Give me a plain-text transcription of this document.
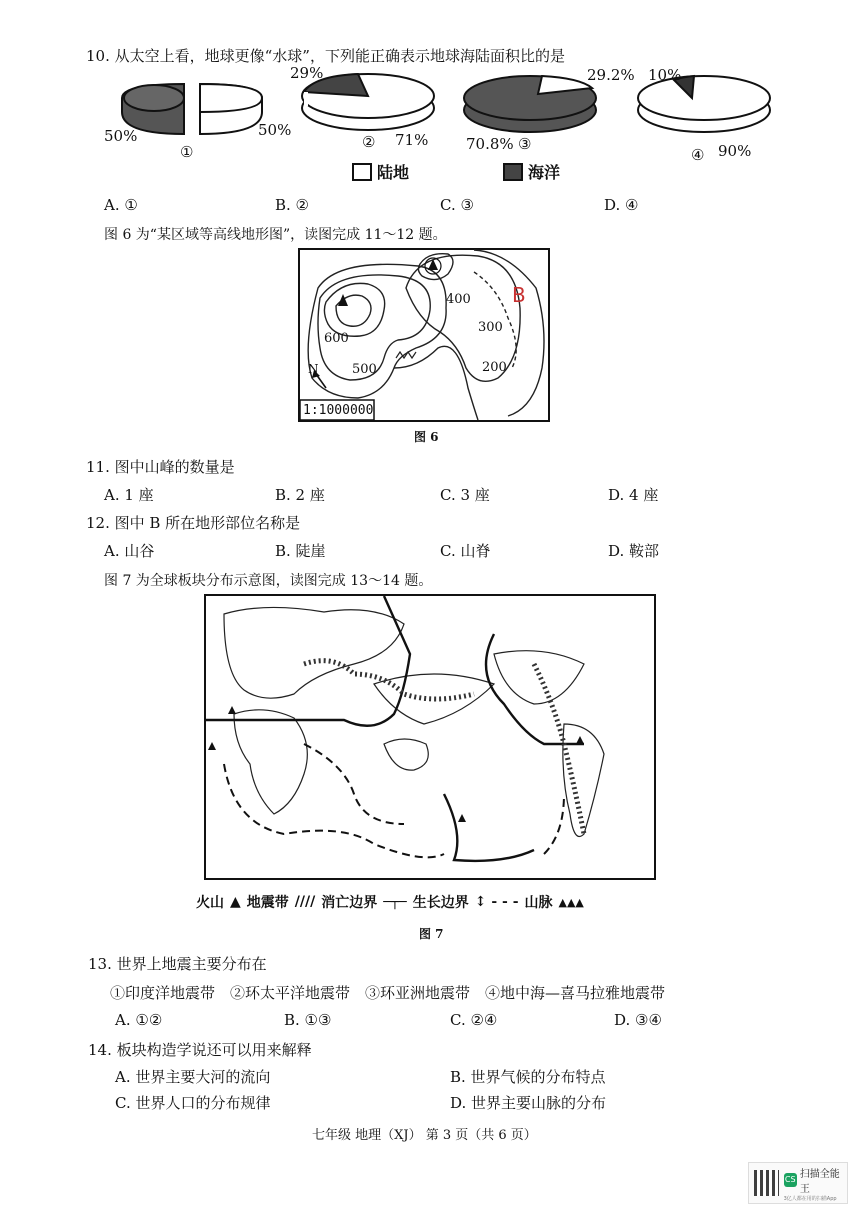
10. 从太空上看，地球更像“水球”，下列能正确表示地球海陆面积比的是
29%	29.2% 10%
50%	50%
①
② 71%	70.8% ③
④ 90%
陆地	海洋
A. ①	B. ②	C. ③	D. ④
图 6 为“某区域等高线地形图”，读图完成 11～12 题。
600
500
400
300
200
N
1:1000000
B
图 6
11. 图中山峰的数量是
A. 1 座	B. 2 座	C. 3 座	D. 4 座
12. 图中 B 所在地形部位名称是
A. 山谷	B. 陡崖	C. 山脊	D. 鞍部
图 7 为全球板块分布示意图，读图完成 13～14 题。
火山 ▲ 地震带 //// 消亡边界 ─┬─ 生长边界 ↕ - - - 山脉 ▲▲▲
图 7
13. 世界上地震主要分布在
①印度洋地震带　②环太平洋地震带　③环亚洲地震带　④地中海—喜马拉雅地震带
A. ①②	B. ①③	C. ②④	D. ③④
14. 板块构造学说还可以用来解释
A. 世界主要大河的流向	B. 世界气候的分布特点
C. 世界人口的分布规律	D. 世界主要山脉的分布
七年级 地理（XJ） 第 3 页（共 6 页）
CS 扫描全能王
3亿人都在用的扫描App
